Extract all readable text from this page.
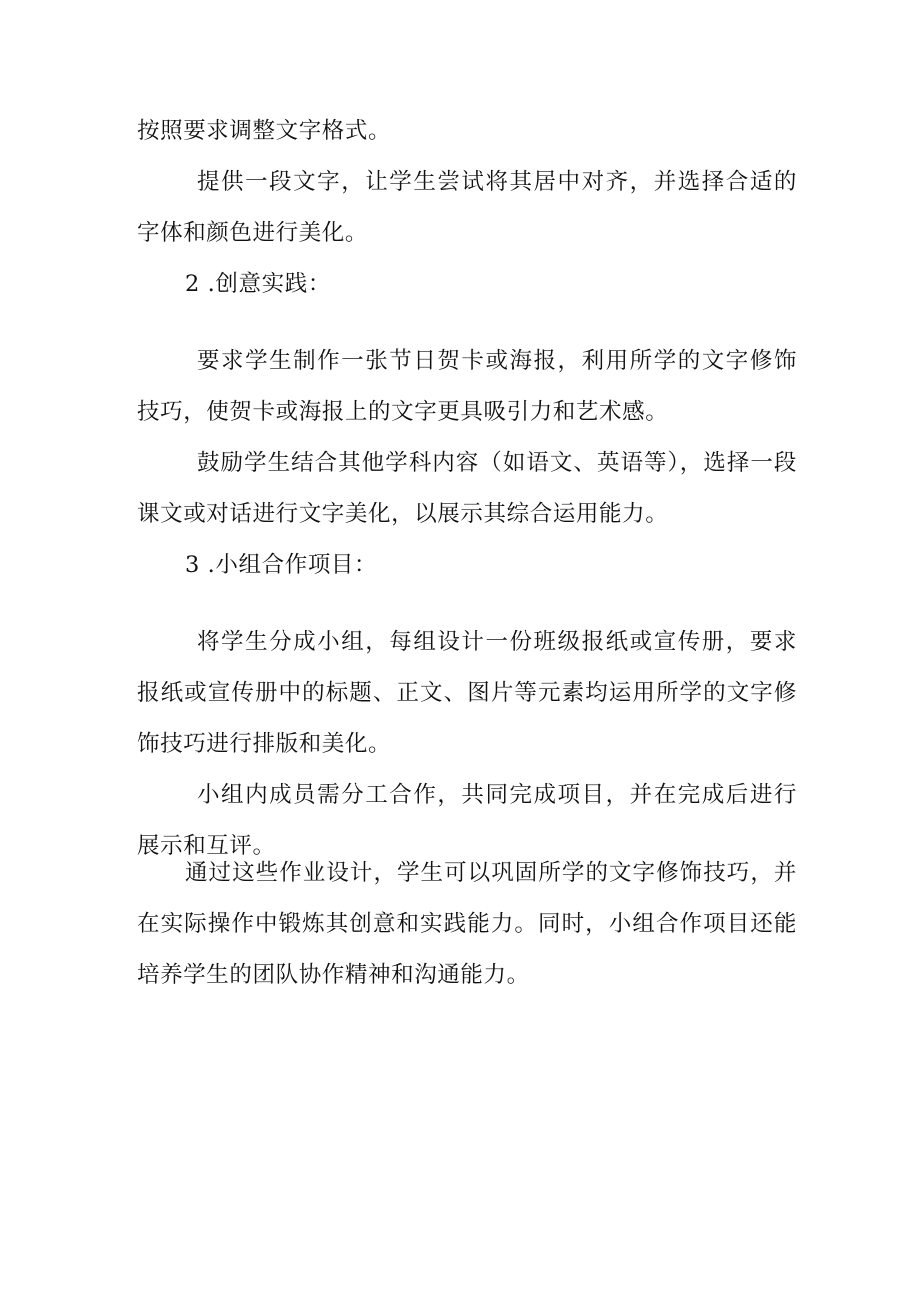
按照要求调整文字格式。

提供一段文字，让学生尝试将其居中对齐，并选择合适的字体和颜色进行美化。

2 .创意实践：

要求学生制作一张节日贺卡或海报，利用所学的文字修饰技巧，使贺卡或海报上的文字更具吸引力和艺术感。

鼓励学生结合其他学科内容（如语文、英语等），选择一段课文或对话进行文字美化，以展示其综合运用能力。

3 .小组合作项目：

将学生分成小组，每组设计一份班级报纸或宣传册，要求报纸或宣传册中的标题、正文、图片等元素均运用所学的文字修饰技巧进行排版和美化。

小组内成员需分工合作，共同完成项目，并在完成后进行展示和互评。

通过这些作业设计，学生可以巩固所学的文字修饰技巧，并在实际操作中锻炼其创意和实践能力。同时，小组合作项目还能培养学生的团队协作精神和沟通能力。
